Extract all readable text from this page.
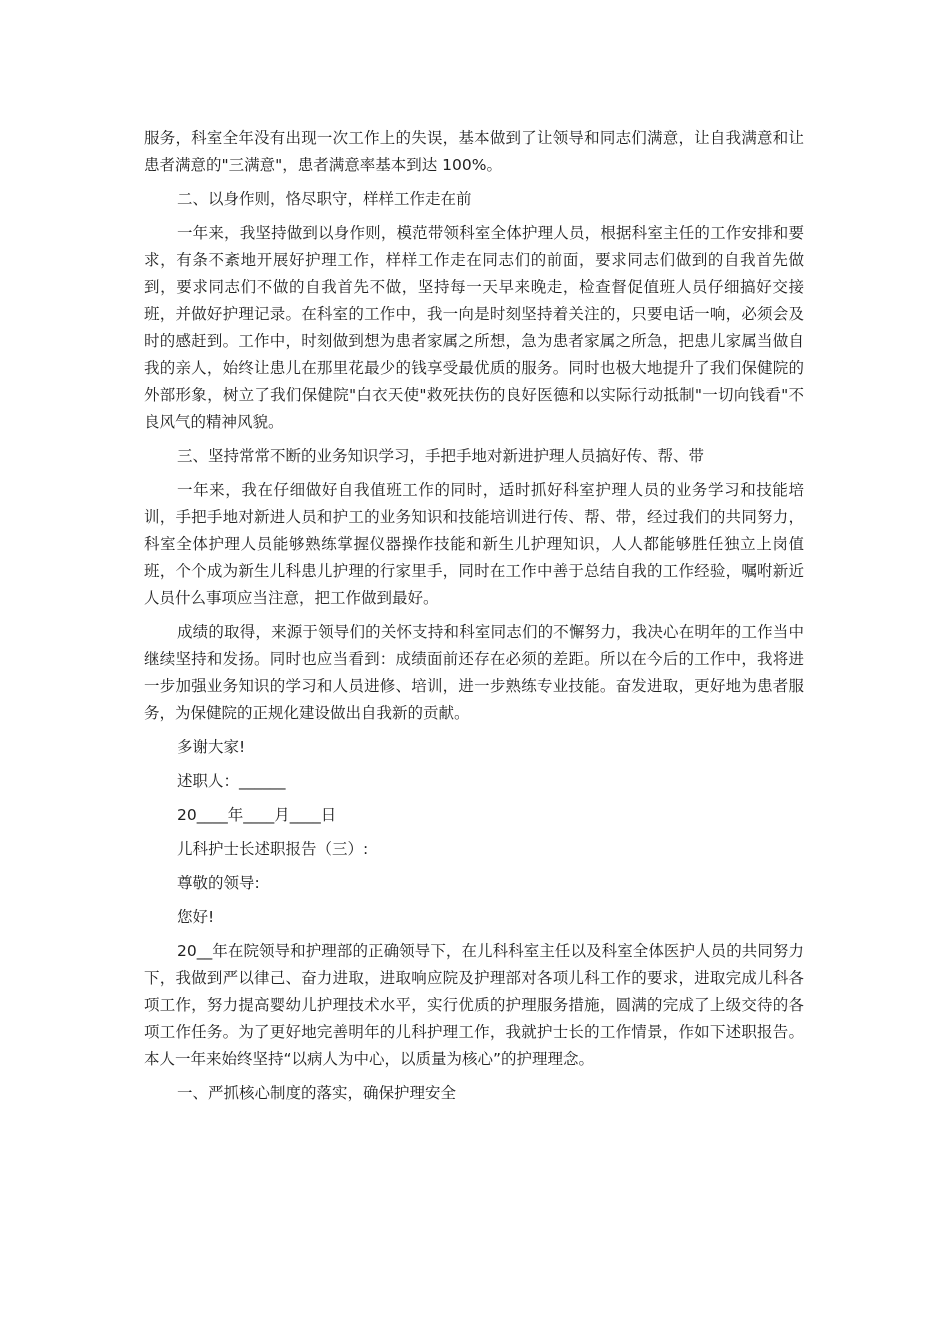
服务，科室全年没有出现一次工作上的失误，基本做到了让领导和同志们满意，让自我满意和让患者满意的"三满意"，患者满意率基本到达 100%。

二、以身作则，恪尽职守，样样工作走在前

一年来，我坚持做到以身作则，模范带领科室全体护理人员，根据科室主任的工作安排和要求，有条不紊地开展好护理工作，样样工作走在同志们的前面，要求同志们做到的自我首先做到，要求同志们不做的自我首先不做，坚持每一天早来晚走，检查督促值班人员仔细搞好交接班，并做好护理记录。在科室的工作中，我一向是时刻坚持着关注的，只要电话一响，必须会及时的感赶到。工作中，时刻做到想为患者家属之所想，急为患者家属之所急，把患儿家属当做自我的亲人，始终让患儿在那里花最少的钱享受最优质的服务。同时也极大地提升了我们保健院的外部形象，树立了我们保健院"白衣天使"救死扶伤的良好医德和以实际行动抵制"一切向钱看"不良风气的精神风貌。

三、坚持常常不断的业务知识学习，手把手地对新进护理人员搞好传、帮、带

一年来，我在仔细做好自我值班工作的同时，适时抓好科室护理人员的业务学习和技能培训，手把手地对新进人员和护工的业务知识和技能培训进行传、帮、带，经过我们的共同努力，科室全体护理人员能够熟练掌握仪器操作技能和新生儿护理知识，人人都能够胜任独立上岗值班，个个成为新生儿科患儿护理的行家里手，同时在工作中善于总结自我的工作经验，嘱咐新近人员什么事项应当注意，把工作做到最好。

成绩的取得，来源于领导们的关怀支持和科室同志们的不懈努力，我决心在明年的工作当中继续坚持和发扬。同时也应当看到：成绩面前还存在必须的差距。所以在今后的工作中，我将进一步加强业务知识的学习和人员进修、培训，进一步熟练专业技能。奋发进取，更好地为患者服务，为保健院的正规化建设做出自我新的贡献。

多谢大家!

述职人：______

20____年____月____日

儿科护士长述职报告（三）:

尊敬的领导:

您好!

20__年在院领导和护理部的正确领导下，在儿科科室主任以及科室全体医护人员的共同努力下，我做到严以律己、奋力进取，进取响应院及护理部对各项儿科工作的要求，进取完成儿科各项工作，努力提高婴幼儿护理技术水平，实行优质的护理服务措施，圆满的完成了上级交待的各项工作任务。为了更好地完善明年的儿科护理工作，我就护士长的工作情景，作如下述职报告。本人一年来始终坚持“以病人为中心，以质量为核心”的护理理念。

一、严抓核心制度的落实，确保护理安全
